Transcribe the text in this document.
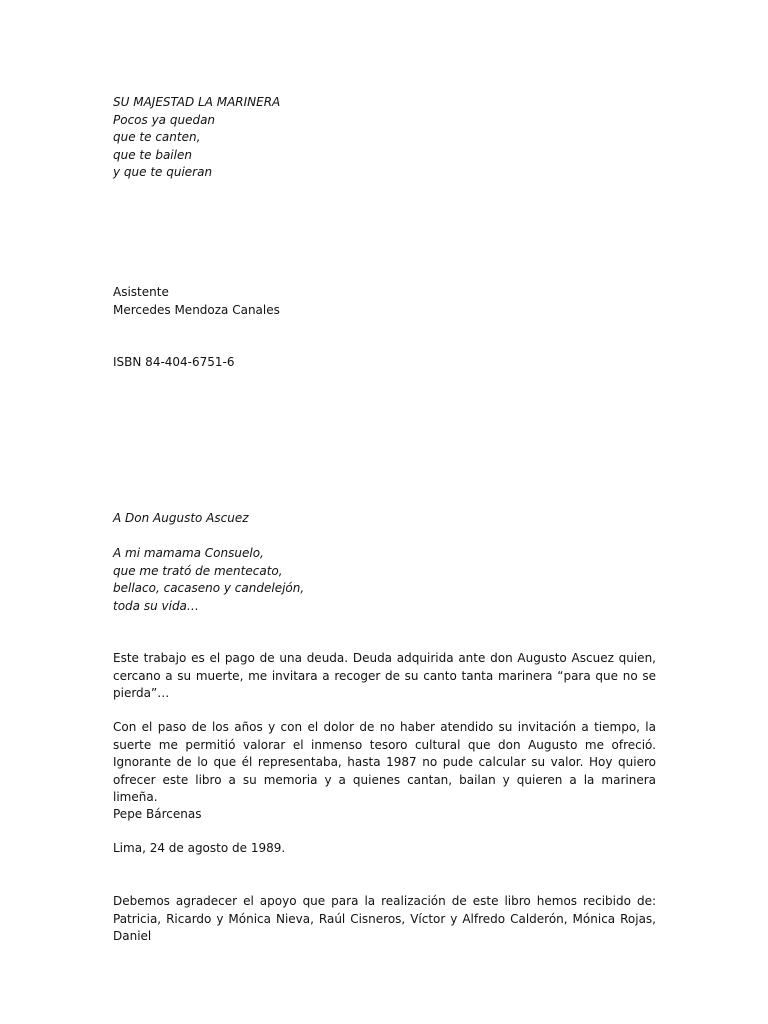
SU MAJESTAD LA MARINERA
Pocos ya quedan
que te canten,
que te bailen
y que te quieran
Asistente
Mercedes Mendoza Canales
ISBN 84-404-6751-6
A Don Augusto Ascuez
A mi mamama Consuelo,
que me trató de mentecato,
bellaco, cacaseno y candelejón,
toda su vida…

Este trabajo es el pago de una deuda. Deuda adquirida ante don Augusto Ascuez quien, cercano a su muerte, me invitara a recoger de su canto tanta marinera “para que no se pierda”…

Con el paso de los años y con el dolor de no haber atendido su invitación a tiempo, la suerte me permitió valorar el inmenso tesoro cultural que don Augusto me ofreció. Ignorante de lo que él representaba, hasta 1987 no pude calcular su valor. Hoy quiero ofrecer este libro a su memoria y a quienes cantan, bailan y quieren a la marinera limeña.

Pepe Bárcenas
Lima, 24 de agosto de 1989.

Debemos agradecer el apoyo que para la realización de este libro hemos recibido de: Patricia, Ricardo y Mónica Nieva, Raúl Cisneros, Víctor y Alfredo Calderón, Mónica Rojas, Daniel
